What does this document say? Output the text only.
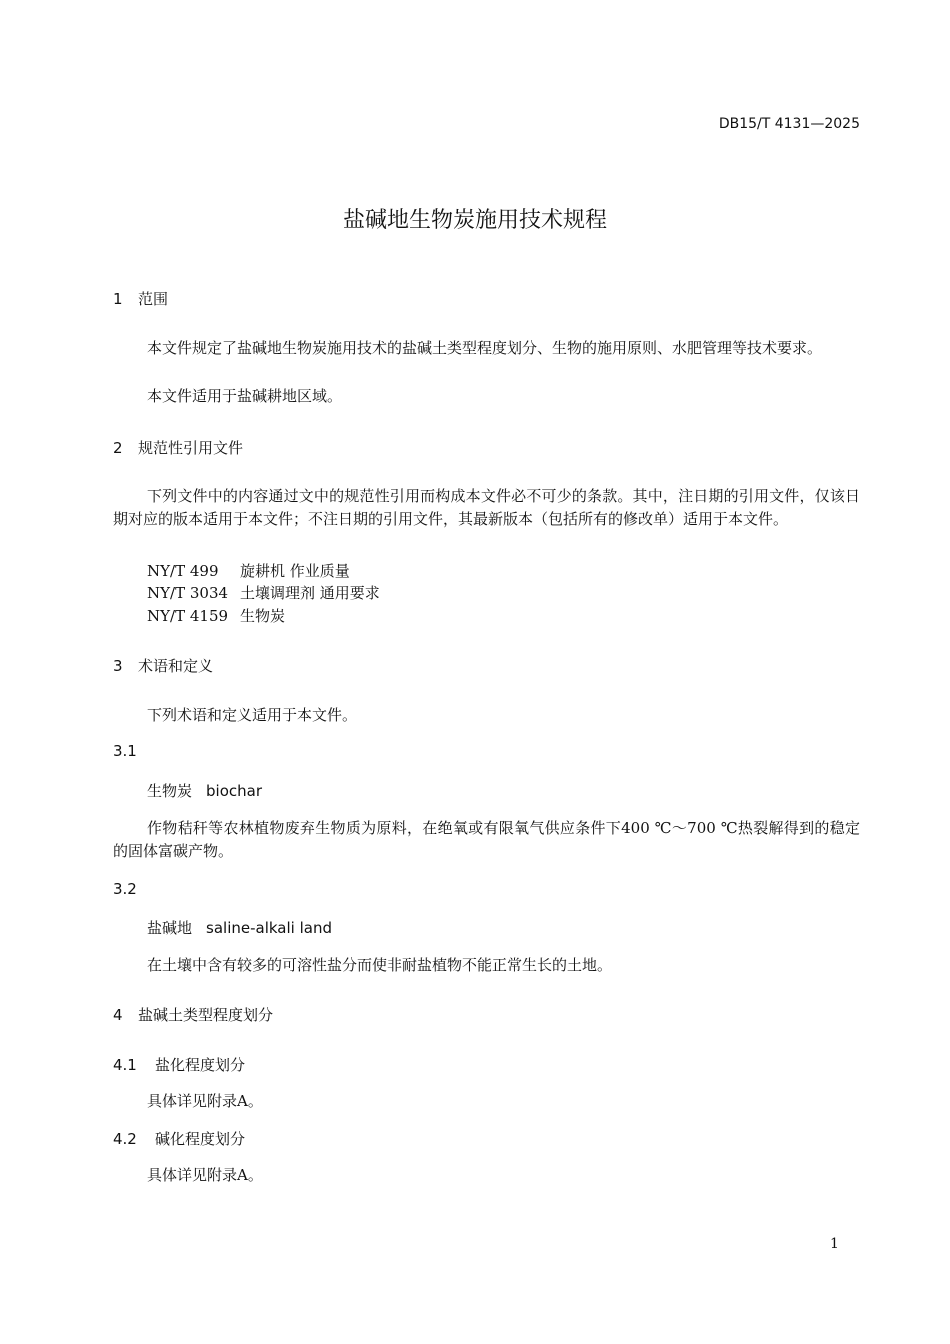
DB15/T 4131—2025
盐碱地生物炭施用技术规程
1 范围
本文件规定了盐碱地生物炭施用技术的盐碱土类型程度划分、生物的施用原则、水肥管理等技术要求。
本文件适用于盐碱耕地区域。
2 规范性引用文件
下列文件中的内容通过文中的规范性引用而构成本文件必不可少的条款。其中，注日期的引用文件，仅该日期对应的版本适用于本文件；不注日期的引用文件，其最新版本（包括所有的修改单）适用于本文件。
NY/T 499 旋耕机 作业质量
NY/T 3034 土壤调理剂 通用要求
NY/T 4159 生物炭
3 术语和定义
下列术语和定义适用于本文件。
3.1
生物炭 biochar
作物秸秆等农林植物废弃生物质为原料，在绝氧或有限氧气供应条件下400 ℃～700 ℃热裂解得到的稳定的固体富碳产物。
3.2
盐碱地 saline-alkali land
在土壤中含有较多的可溶性盐分而使非耐盐植物不能正常生长的土地。
4 盐碱土类型程度划分
4.1 盐化程度划分
具体详见附录A。
4.2 碱化程度划分
具体详见附录A。
1
